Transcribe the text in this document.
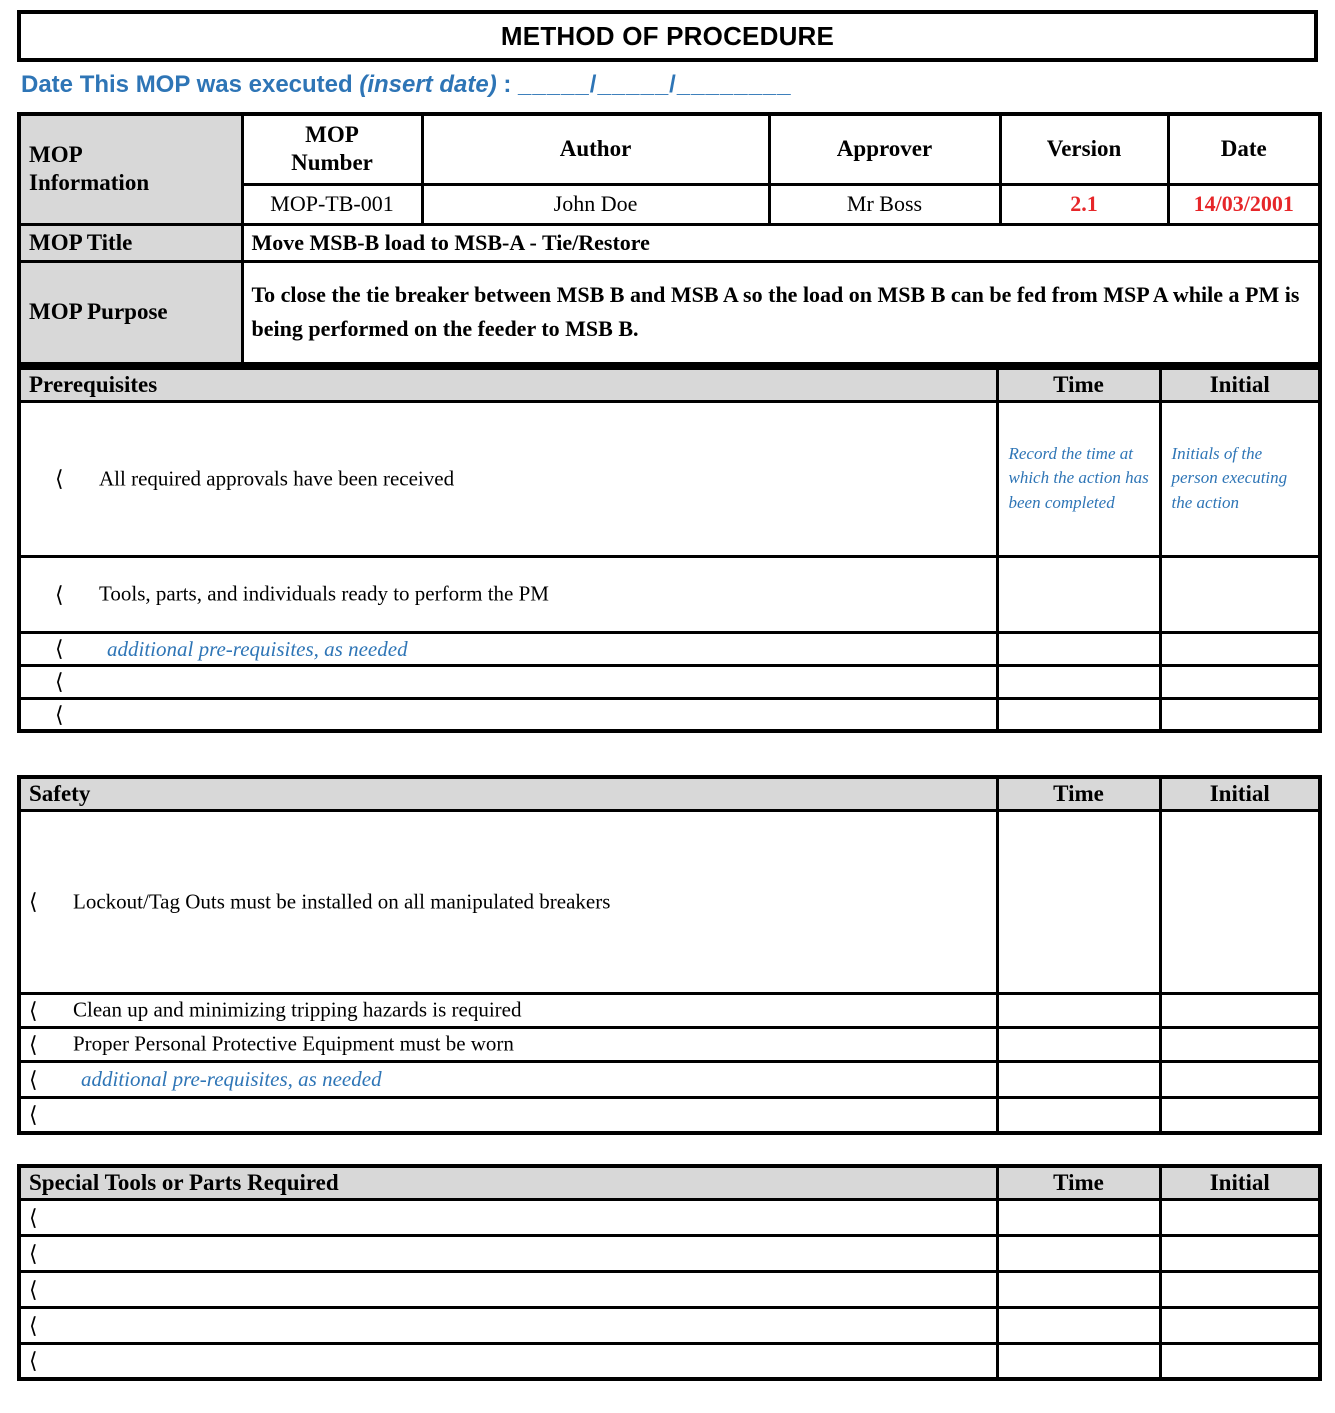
METHOD OF PROCEDURE
Date This MOP was executed (insert date) : _____/_____/________
MOP Information	MOP Number	Author	Approver	Version	Date
	MOP-TB-001	John Doe	Mr Boss	2.1	14/03/2001
MOP Title	Move MSB-B load to MSB-A - Tie/Restore				
MOP Purpose	To close the tie breaker between MSB B and MSB A so the load on MSB B can be fed from MSP A while a PM is being performed on the feeder to MSB B.				
Prerequisites	Time	Initial
⟨ All required approvals have been received	Record the time at which the action has been completed	Initials of the person executing the action

⟨ Tools, parts, and individuals ready to perform the PM		
⟨ additional pre-requisites, as needed		
⟨		
⟨		
Safety	Time	Initial
⟨ Lockout/Tag Outs must be installed on all manipulated breakers		
⟨ Clean up and minimizing tripping hazards is required		
⟨ Proper Personal Protective Equipment must be worn		
⟨ additional pre-requisites, as needed		
⟨		
Special Tools or Parts Required	Time	Initial
⟨		
⟨		
⟨		
⟨		
⟨		
